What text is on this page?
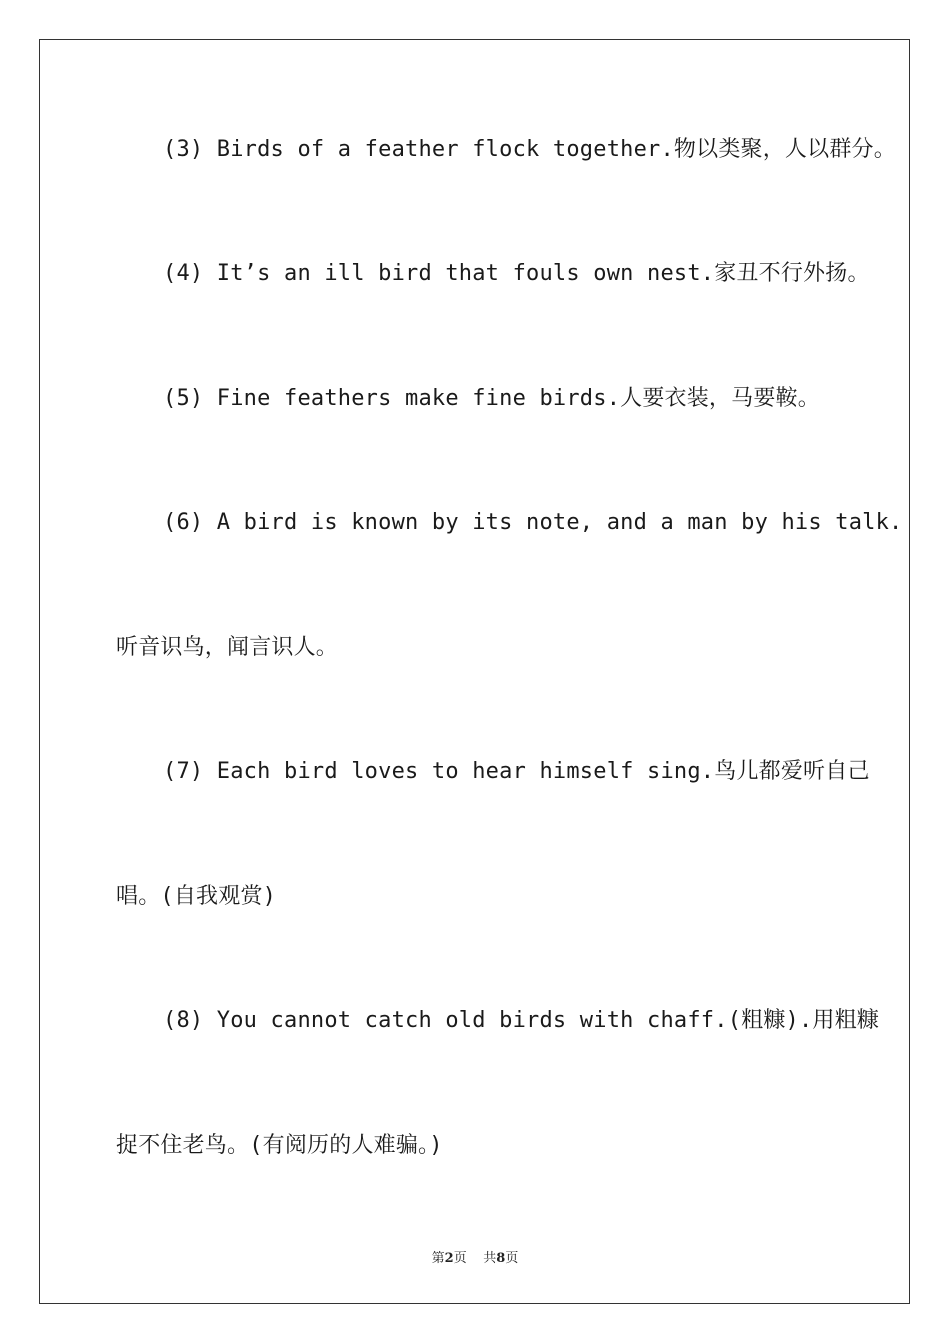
(3) Birds of a feather flock together.物以类聚，人以群分。
(4) It’s an ill bird that fouls own nest.家丑不行外扬。
(5) Fine feathers make fine birds.人要衣装，马要鞍。
(6) A bird is known by its note, and a man by his talk.
听音识鸟，闻言识人。
(7) Each bird loves to hear himself sing.鸟儿都爱听自己
唱。(自我观赏)
(8) You cannot catch old birds with chaff.(粗糠).用粗糠
捉不住老鸟。(有阅历的人难骗。)
第2页 共8页
